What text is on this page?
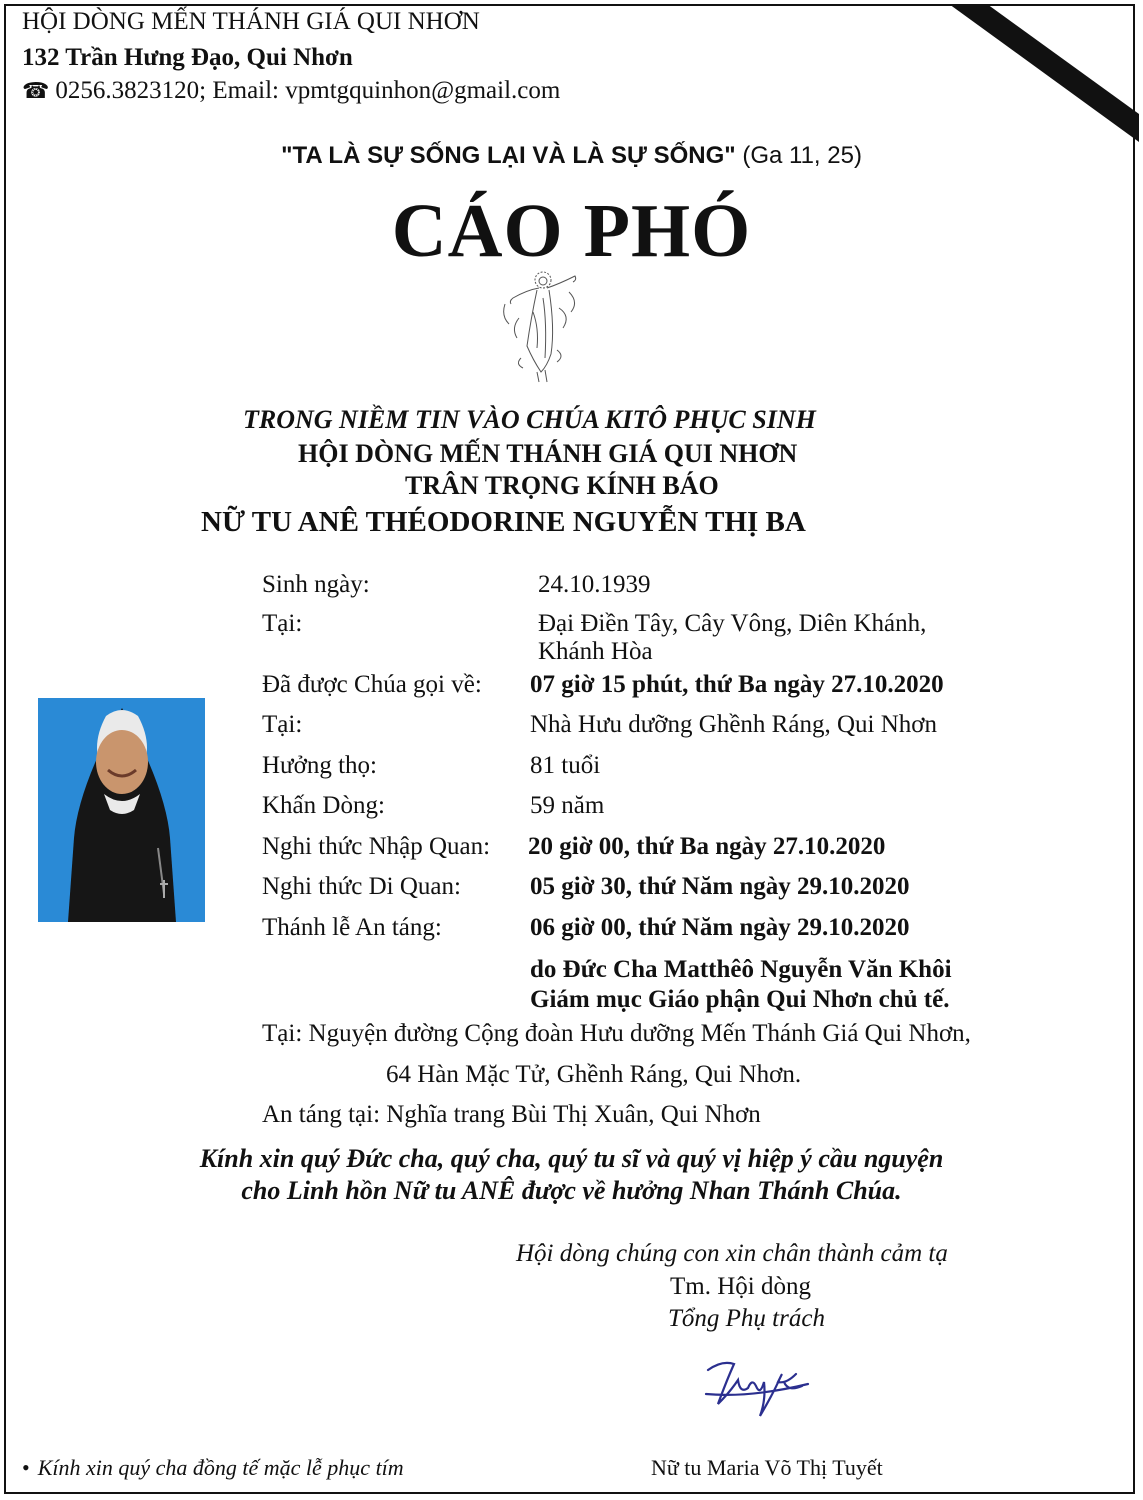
HỘI DÒNG MẾN THÁNH GIÁ QUI NHƠN
132 Trần Hưng Đạo, Qui Nhơn
☎ 0256.3823120; Email: vpmtgquinhon@gmail.com
"TA LÀ SỰ SỐNG LẠI VÀ LÀ SỰ SỐNG" (Ga 11, 25)
CÁO PHÓ
TRONG NIỀM TIN VÀO CHÚA KITÔ PHỤC SINH
HỘI DÒNG MẾN THÁNH GIÁ QUI NHƠN
TRÂN TRỌNG KÍNH BÁO
NỮ TU ANÊ THÉODORINE NGUYỄN THỊ BA
Sinh ngày:	24.10.1939
Tại:	Đại Điền Tây, Cây Vông, Diên Khánh,
Khánh Hòa
Đã được Chúa gọi về: 07 giờ 15 phút, thứ Ba ngày 27.10.2020
Tại:	Nhà Hưu dưỡng Ghềnh Ráng, Qui Nhơn
Hưởng thọ:	81 tuổi
Khấn Dòng:	59 năm
Nghi thức Nhập Quan: 20 giờ 00, thứ Ba ngày 27.10.2020
Nghi thức Di Quan:	05 giờ 30, thứ Năm ngày 29.10.2020
Thánh lễ An táng:	06 giờ 00, thứ Năm ngày 29.10.2020
do Đức Cha Matthêô Nguyễn Văn Khôi
Giám mục Giáo phận Qui Nhơn chủ tế.
Tại: Nguyện đường Cộng đoàn Hưu dưỡng Mến Thánh Giá Qui Nhơn,
64 Hàn Mặc Tử, Ghềnh Ráng, Qui Nhơn.
An táng tại: Nghĩa trang Bùi Thị Xuân, Qui Nhơn
Kính xin quý Đức cha, quý cha, quý tu sĩ và quý vị hiệp ý cầu nguyện
cho Linh hồn Nữ tu ANÊ được về hưởng Nhan Thánh Chúa.
Hội dòng chúng con xin chân thành cảm tạ
Tm. Hội dòng
Tổng Phụ trách
Nữ tu Maria Võ Thị Tuyết
• Kính xin quý cha đồng tế mặc lễ phục tím
